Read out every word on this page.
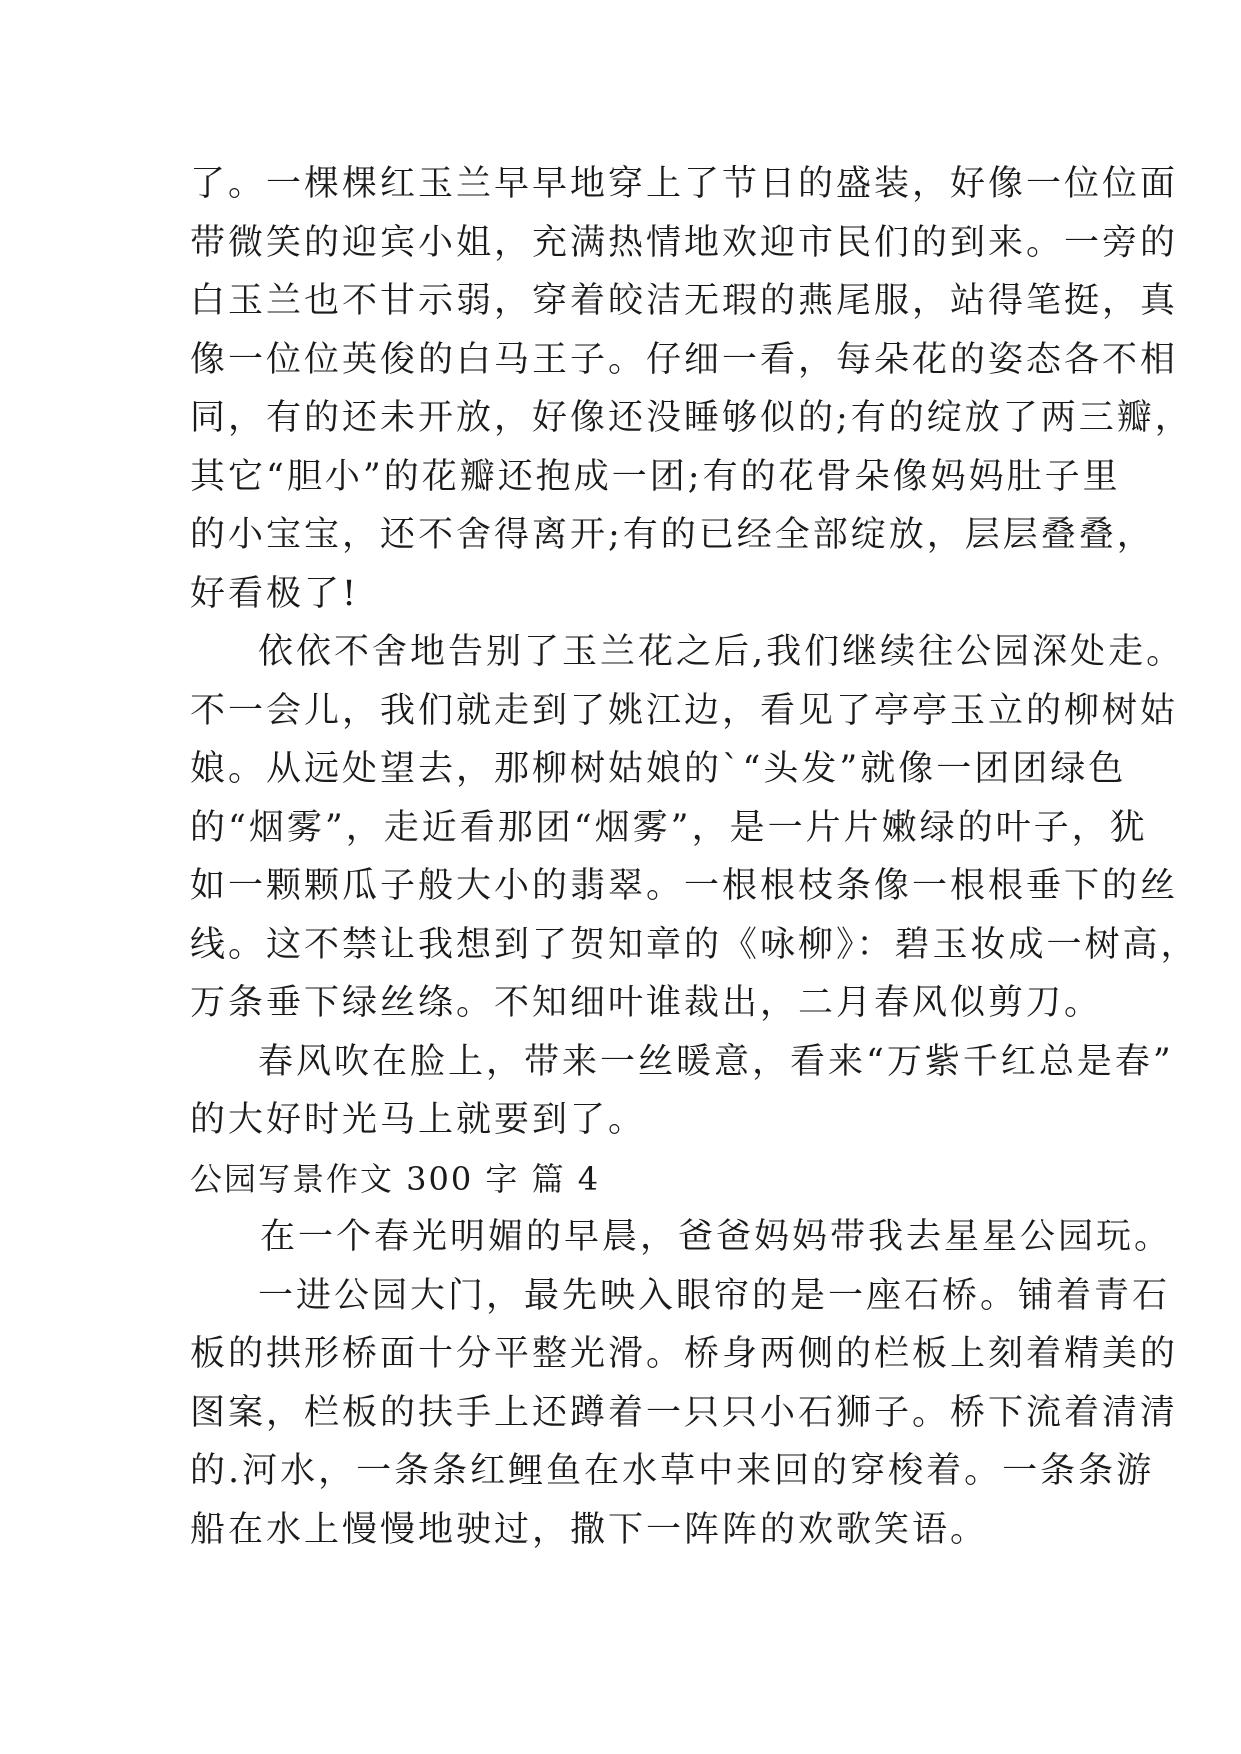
了。一棵棵红玉兰早早地穿上了节日的盛装，好像一位位面
带微笑的迎宾小姐，充满热情地欢迎市民们的到来。一旁的
白玉兰也不甘示弱，穿着皎洁无瑕的燕尾服，站得笔挺，真
像一位位英俊的白马王子。仔细一看，每朵花的姿态各不相
同，有的还未开放，好像还没睡够似的;有的绽放了两三瓣，
其它“胆小”的花瓣还抱成一团;有的花骨朵像妈妈肚子里
的小宝宝，还不舍得离开;有的已经全部绽放，层层叠叠，
好看极了!
依依不舍地告别了玉兰花之后,我们继续往公园深处走。
不一会儿，我们就走到了姚江边，看见了亭亭玉立的柳树姑
娘。从远处望去，那柳树姑娘的`“头发”就像一团团绿色
的“烟雾”，走近看那团“烟雾”，是一片片嫩绿的叶子，犹
如一颗颗瓜子般大小的翡翠。一根根枝条像一根根垂下的丝
线。这不禁让我想到了贺知章的《咏柳》：碧玉妆成一树高，
万条垂下绿丝绦。不知细叶谁裁出，二月春风似剪刀。
春风吹在脸上，带来一丝暖意，看来“万紫千红总是春”
的大好时光马上就要到了。
公园写景作文 300 字 篇 4
在一个春光明媚的早晨，爸爸妈妈带我去星星公园玩。
一进公园大门，最先映入眼帘的是一座石桥。铺着青石
板的拱形桥面十分平整光滑。桥身两侧的栏板上刻着精美的
图案，栏板的扶手上还蹲着一只只小石狮子。桥下流着清清
的.河水，一条条红鲤鱼在水草中来回的穿梭着。一条条游
船在水上慢慢地驶过，撒下一阵阵的欢歌笑语。
